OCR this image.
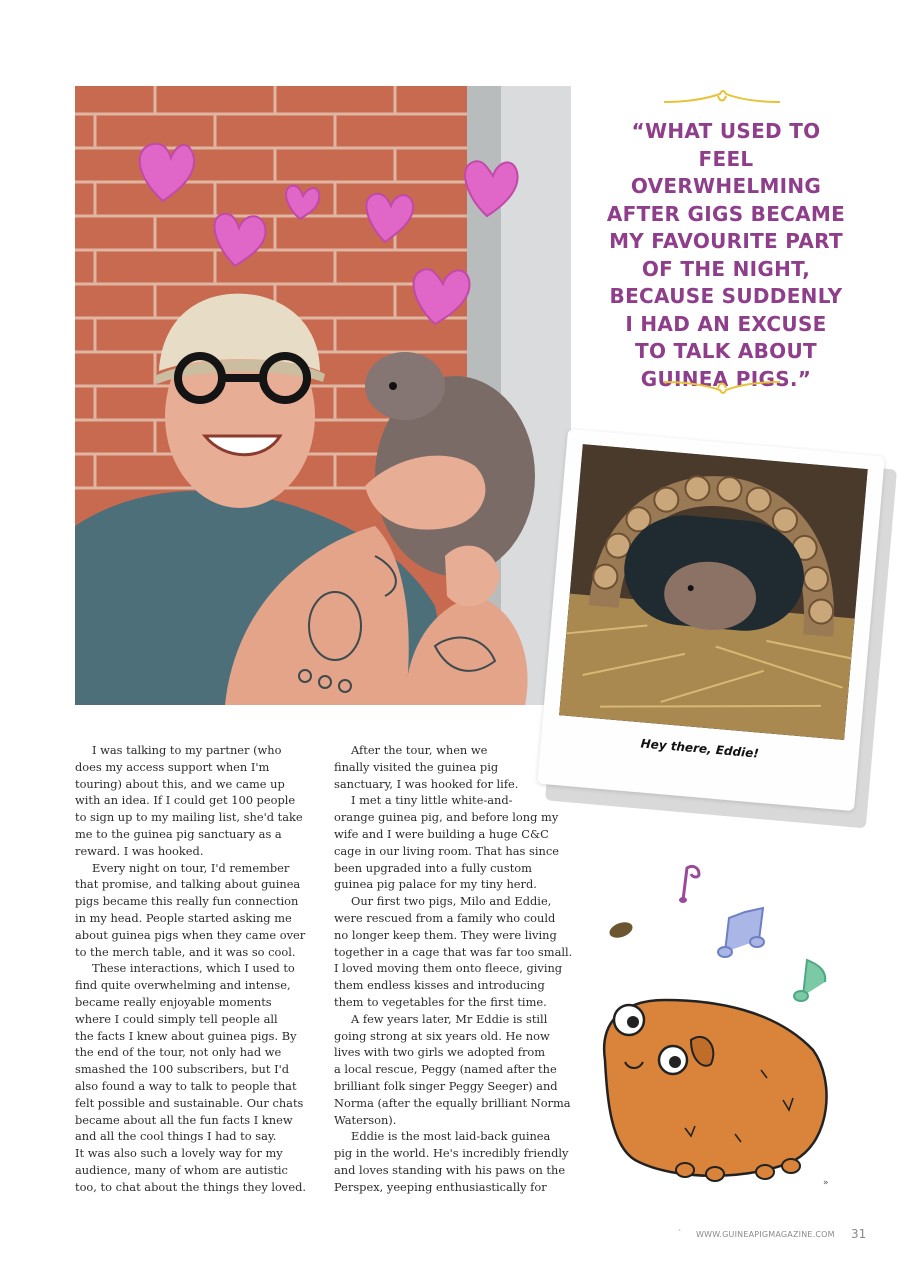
“WHAT USED TO
FEEL OVERWHELMING
AFTER GIGS BECAME
MY FAVOURITE PART
OF THE NIGHT,
BECAUSE SUDDENLY
I HAD AN EXCUSE
TO TALK ABOUT
GUINEA PIGS.”
Hey there, Eddie!
I was talking to my partner (who
does my access support when I'm
touring) about this, and we came up
with an idea. If I could get 100 people
to sign up to my mailing list, she'd take
me to the guinea pig sanctuary as a
reward. I was hooked.
Every night on tour, I'd remember
that promise, and talking about guinea
pigs became this really fun connection
in my head. People started asking me
about guinea pigs when they came over
to the merch table, and it was so cool.
These interactions, which I used to
find quite overwhelming and intense,
became really enjoyable moments
where I could simply tell people all
the facts I knew about guinea pigs. By
the end of the tour, not only had we
smashed the 100 subscribers, but I'd
also found a way to talk to people that
felt possible and sustainable. Our chats
became about all the fun facts I knew
and all the cool things I had to say.
It was also such a lovely way for my
audience, many of whom are autistic
too, to chat about the things they loved.
After the tour, when we
finally visited the guinea pig
sanctuary, I was hooked for life.
I met a tiny little white-and-
orange guinea pig, and before long my
wife and I were building a huge C&C
cage in our living room. That has since
been upgraded into a fully custom
guinea pig palace for my tiny herd.
Our first two pigs, Milo and Eddie,
were rescued from a family who could
no longer keep them. They were living
together in a cage that was far too small.
I loved moving them onto fleece, giving
them endless kisses and introducing
them to vegetables for the first time.
A few years later, Mr Eddie is still
going strong at six years old. He now
lives with two girls we adopted from
a local rescue, Peggy (named after the
brilliant folk singer Peggy Seeger) and
Norma (after the equally brilliant Norma
Waterson).
Eddie is the most laid-back guinea
pig in the world. He's incredibly friendly
and loves standing with his paws on the
Perspex, yeeping enthusiastically for	»
` WWW.GUINEAPIGMAGAZINE.COM 31
